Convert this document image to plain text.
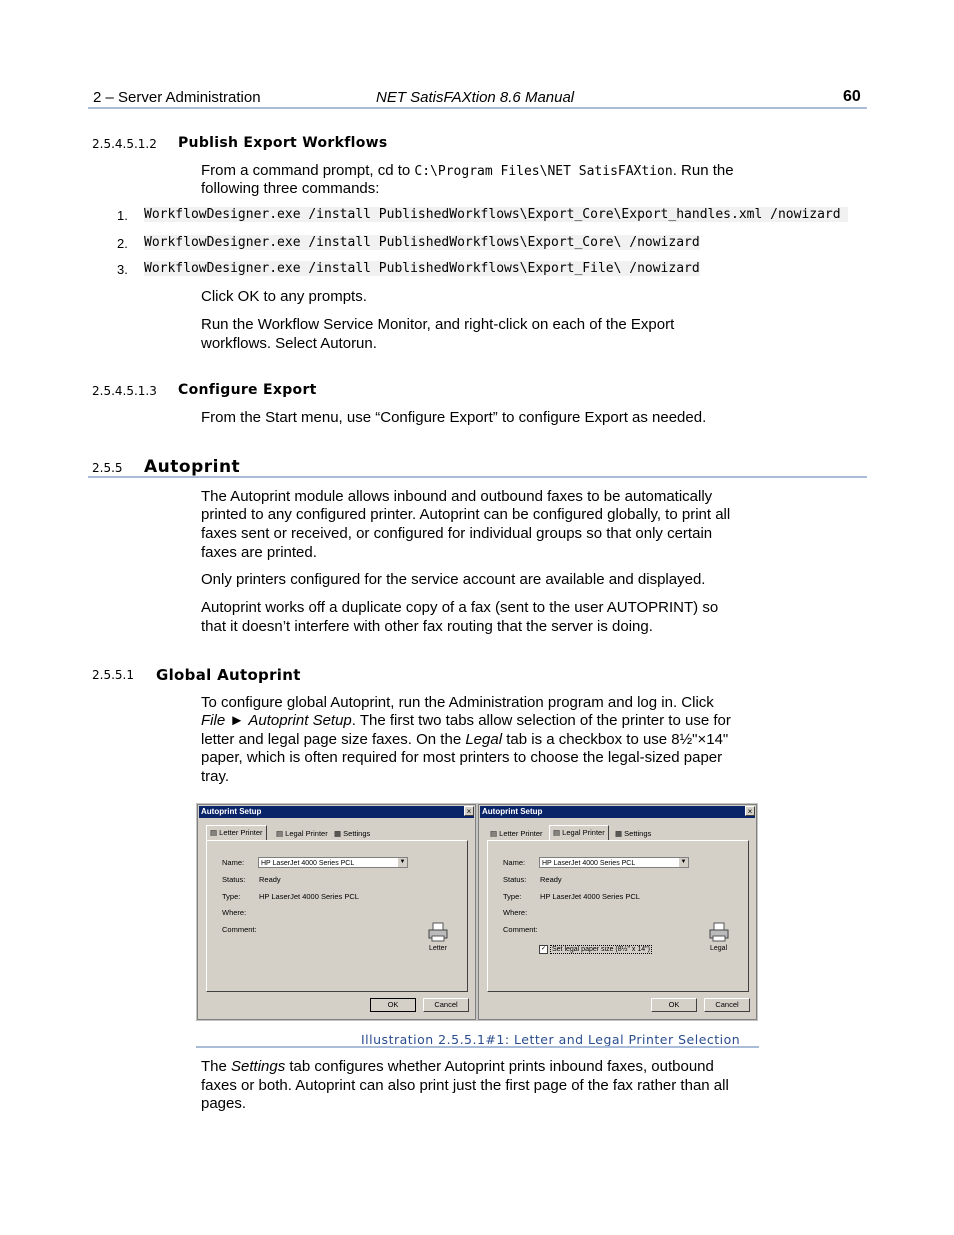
2 – Server Administration	NET SatisFAXtion 8.6 Manual	60
2.5.4.5.1.2 Publish Export Workflows
From a command prompt, cd to C:\Program Files\NET SatisFAXtion. Run the
following three commands:
1. WorkflowDesigner.exe /install PublishedWorkflows\Export_Core\Export_handles.xml /nowizard
2. WorkflowDesigner.exe /install PublishedWorkflows\Export_Core\ /nowizard
3. WorkflowDesigner.exe /install PublishedWorkflows\Export_File\ /nowizard
Click OK to any prompts.
Run the Workflow Service Monitor, and right-click on each of the Export
workflows. Select Autorun.
2.5.4.5.1.3 Configure Export
From the Start menu, use “Configure Export” to configure Export as needed.
2.5.5 Autoprint
The Autoprint module allows inbound and outbound faxes to be automatically
printed to any configured printer. Autoprint can be configured globally, to print all
faxes sent or received, or configured for individual groups so that only certain
faxes are printed.
Only printers configured for the service account are available and displayed.
Autoprint works off a duplicate copy of a fax (sent to the user AUTOPRINT) so
that it doesn’t interfere with other fax routing that the server is doing.
2.5.5.1 Global Autoprint
To configure global Autoprint, run the Administration program and log in. Click
File ► Autoprint Setup. The first two tabs allow selection of the printer to use for
letter and legal page size faxes. On the Legal tab is a checkbox to use 8½"×14"
paper, which is often required for most printers to choose the legal-sized paper
tray.
Autoprint Setup	×
▤ Letter Printer	▤ Legal Printer ▦ Settings
Name:	HP LaserJet 4000 Series PCL	▼
Status: Ready
Type: HP LaserJet 4000 Series PCL
Where:
Comment:
Letter
OK	Cancel
Autoprint Setup	×
▤ Letter Printer	▤ Legal Printer	▦ Settings
Name:	HP LaserJet 4000 Series PCL	▼
Status: Ready
Type: HP LaserJet 4000 Series PCL
Where:
Comment:
✓ Set legal paper size (8½" x 14")	Legal
OK	Cancel
Illustration 2.5.5.1#1: Letter and Legal Printer Selection
The Settings tab configures whether Autoprint prints inbound faxes, outbound
faxes or both. Autoprint can also print just the first page of the fax rather than all
pages.
